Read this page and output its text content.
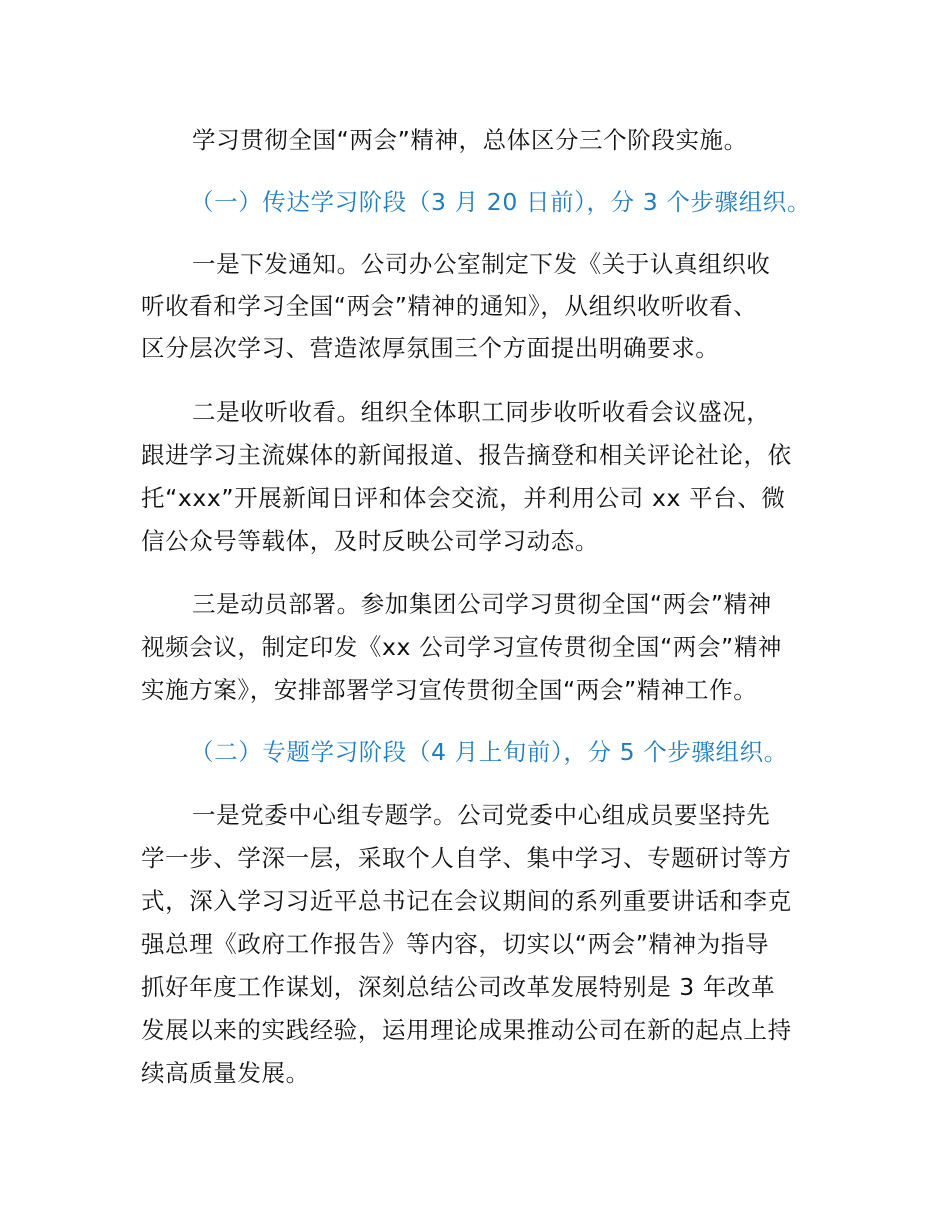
学习贯彻全国“两会”精神，总体区分三个阶段实施。
（一）传达学习阶段（3 月 20 日前），分 3 个步骤组织。
一是下发通知。公司办公室制定下发《关于认真组织收
听收看和学习全国“两会”精神的通知》，从组织收听收看、
区分层次学习、营造浓厚氛围三个方面提出明确要求。
二是收听收看。组织全体职工同步收听收看会议盛况，
跟进学习主流媒体的新闻报道、报告摘登和相关评论社论，依
托“xxx”开展新闻日评和体会交流，并利用公司 xx 平台、微
信公众号等载体，及时反映公司学习动态。
三是动员部署。参加集团公司学习贯彻全国“两会”精神
视频会议，制定印发《xx 公司学习宣传贯彻全国“两会”精神
实施方案》，安排部署学习宣传贯彻全国“两会”精神工作。
（二）专题学习阶段（4 月上旬前），分 5 个步骤组织。
一是党委中心组专题学。公司党委中心组成员要坚持先
学一步、学深一层，采取个人自学、集中学习、专题研讨等方
式，深入学习习近平总书记在会议期间的系列重要讲话和李克
强总理《政府工作报告》等内容，切实以“两会”精神为指导
抓好年度工作谋划，深刻总结公司改革发展特别是 3 年改革
发展以来的实践经验，运用理论成果推动公司在新的起点上持
续高质量发展。
